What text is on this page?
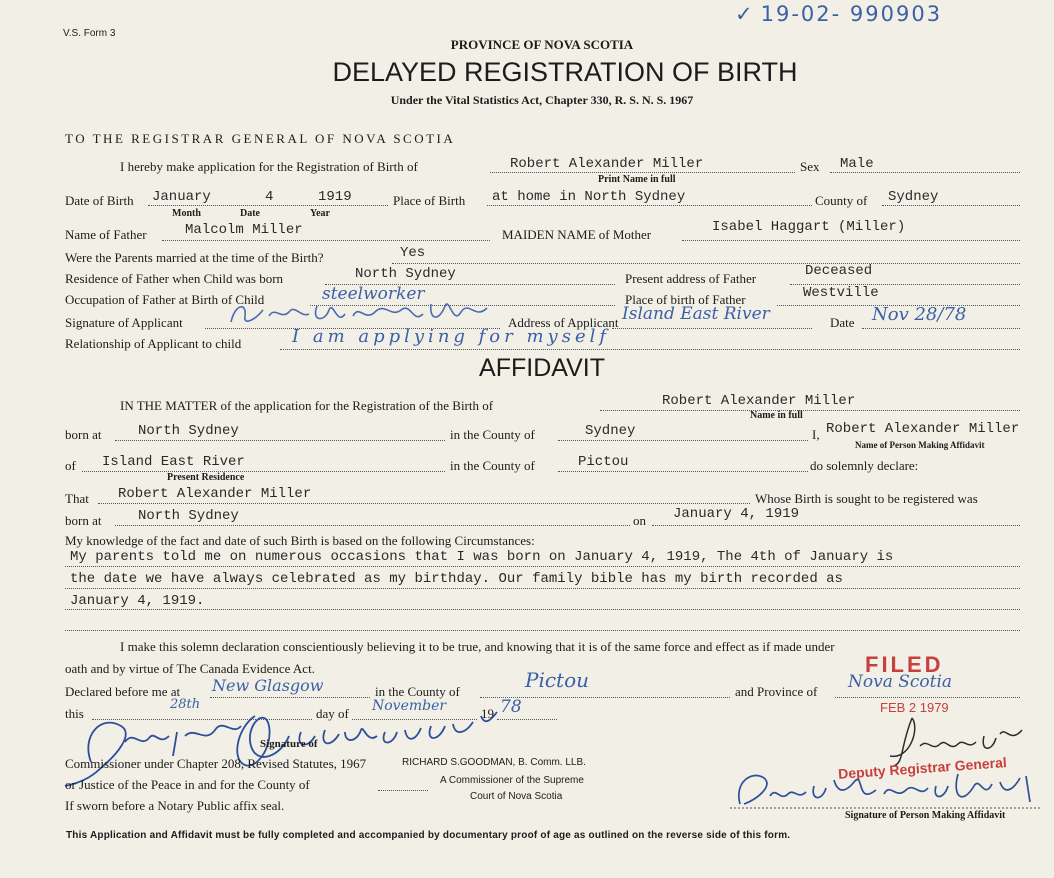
✓ 19-02- 990903
V.S. Form 3
PROVINCE OF NOVA SCOTIA
DELAYED REGISTRATION OF BIRTH
Under the Vital Statistics Act, Chapter 330, R. S. N. S. 1967
TO THE REGISTRAR GENERAL OF NOVA SCOTIA
I hereby make application for the Registration of Birth of	Robert Alexander Miller	Sex Male
Print Name in full
Date of Birth January	4	1919	Place of Birth at home in North Sydney	County of Sydney
Month	Date	Year
Name of Father	Malcolm Miller	MAIDEN NAME of Mother	Isabel Haggart (Miller)
Were the Parents married at the time of the Birth?	Yes
Residence of Father when Child was born	North Sydney	Present address of Father	Deceased
Occupation of Father at Birth of Child	steelworker	Place of birth of Father	Westville
Signature of Applicant	Address of Applicant Island East River	Date Nov 28/78
Relationship of Applicant to child	I am applying for myself
AFFIDAVIT
IN THE MATTER of the application for the Registration of the Birth of	Robert Alexander Miller
Name in full
born at	North Sydney	in the County of	Sydney	I, Robert Alexander Miller
Name of Person Making Affidavit
of Island East River	in the County of	Pictou	do solemnly declare:
Present Residence
That Robert Alexander Miller	Whose Birth is sought to be registered was
born at	North Sydney	on January 4, 1919
My knowledge of the fact and date of such Birth is based on the following Circumstances:
My parents told me on numerous occasions that I was born on January 4, 1919, The 4th of January is
the date we have always celebrated as my birthday. Our family bible has my birth recorded as
January 4, 1919.
I make this solemn declaration conscientiously believing it to be true, and knowing that it is of the same force and effect as if made under
oath and by virtue of The Canada Evidence Act.
Declared before me at New Glasgow	in the County of	Pictou	and Province of Nova Scotia
this
28th
day of November	19 78
Signature of
Commissioner under Chapter 208, Revised Statutes, 1967	RICHARD S.GOODMAN, B. Comm. LLB.
or Justice of the Peace in and for the County of	A Commissioner of the Supreme
Court of Nova Scotia
If sworn before a Notary Public affix seal.
FILED
FEB 2 1979
Deputy Registrar General
Signature of Person Making Affidavit
This Application and Affidavit must be fully completed and accompanied by documentary proof of age as outlined on the reverse side of this form.
